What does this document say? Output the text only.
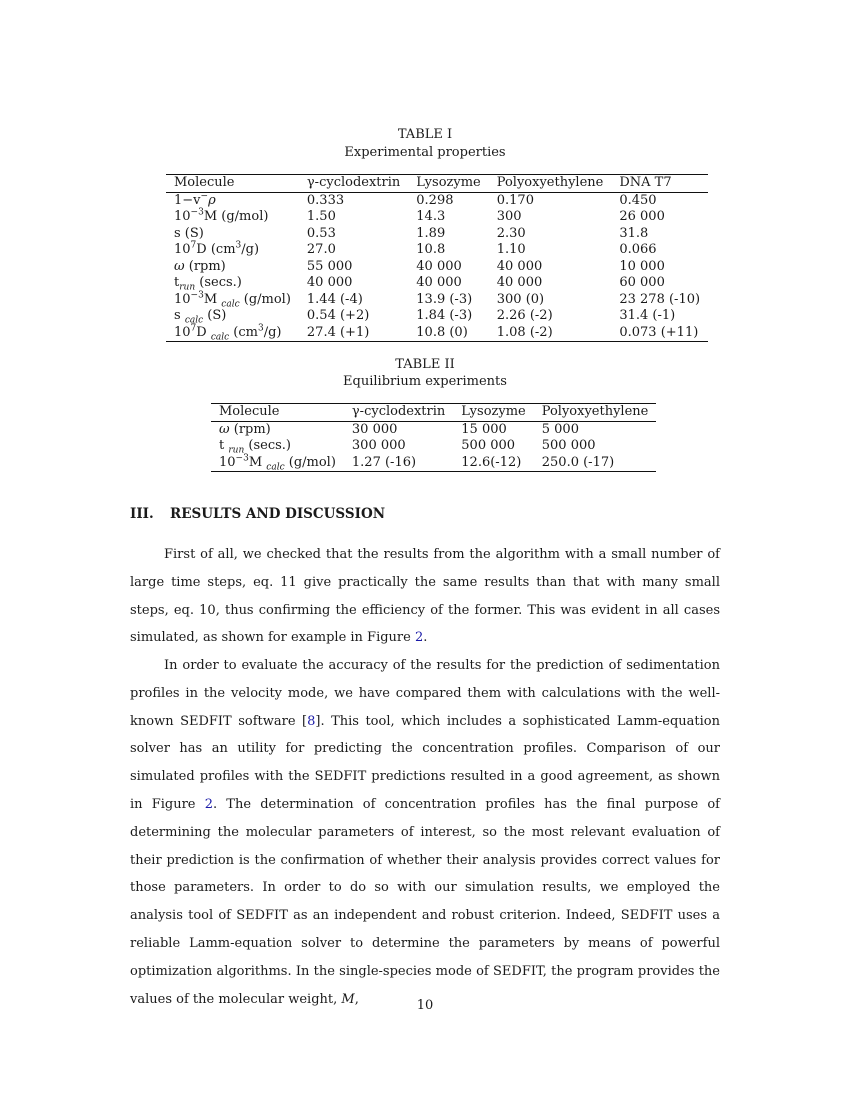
TABLE I
Experimental properties
Molecule	γ-cyclodextrin	Lysozyme	Polyoxyethylene	DNA T7
1−v−ρ	0.333	0.298	0.170	0.450
$10^{-3}M$ (g/mol)	1.50	14.3	300	26 000
s (S)	0.53	1.89	2.30	31.8
$10^7D$ $(cm^3/g)$	27.0	10.8	1.10	0.066
ω (rpm)	55 000	40 000	40 000	10 000
$t_{run}$ (secs.)	40 000	40 000	40 000	60 000
$10^{-3}M$ $_{calc}$ (g/mol)	1.44 (-4)	13.9 (-3)	300 (0)	23 278 (-10)
s $_{calc}$ (S)	0.54 (+2)	1.84 (-3)	2.26 (-2)	31.4 (-1)
$10^7D$ $_{calc}$ $(cm^3/g)$	27.4 (+1)	10.8 (0)	1.08 (-2)	0.073 (+11)
TABLE II
Equilibrium experiments
Molecule	γ-cyclodextrin	Lysozyme	Polyoxyethylene
ω (rpm)	30 000	15 000	5 000
t $_{run}$ (secs.)	300 000	500 000	500 000
$10^{-3}M$ $_{calc}$ (g/mol)	1.27 (-16)	12.6(-12)	250.0 (-17)
III. RESULTS AND DISCUSSION

First of all, we checked that the results from the algorithm with a small number of large time steps, eq. 11 give practically the same results than that with many small steps, eq. 10, thus confirming the efficiency of the former. This was evident in all cases simulated, as shown for example in Figure 2.

In order to evaluate the accuracy of the results for the prediction of sedimentation profiles in the velocity mode, we have compared them with calculations with the well-known SEDFIT software [8]. This tool, which includes a sophisticated Lamm-equation solver has an utility for predicting the concentration profiles. Comparison of our simulated profiles with the SEDFIT predictions resulted in a good agreement, as shown in Figure 2. The determination of concentration profiles has the final purpose of determining the molecular parameters of interest, so the most relevant evaluation of their prediction is the confirmation of whether their analysis provides correct values for those parameters. In order to do so with our simulation results, we employed the analysis tool of SEDFIT as an independent and robust criterion. Indeed, SEDFIT uses a reliable Lamm-equation solver to determine the parameters by means of powerful optimization algorithms. In the single-species mode of SEDFIT, the program provides the values of the molecular weight, M,	10
